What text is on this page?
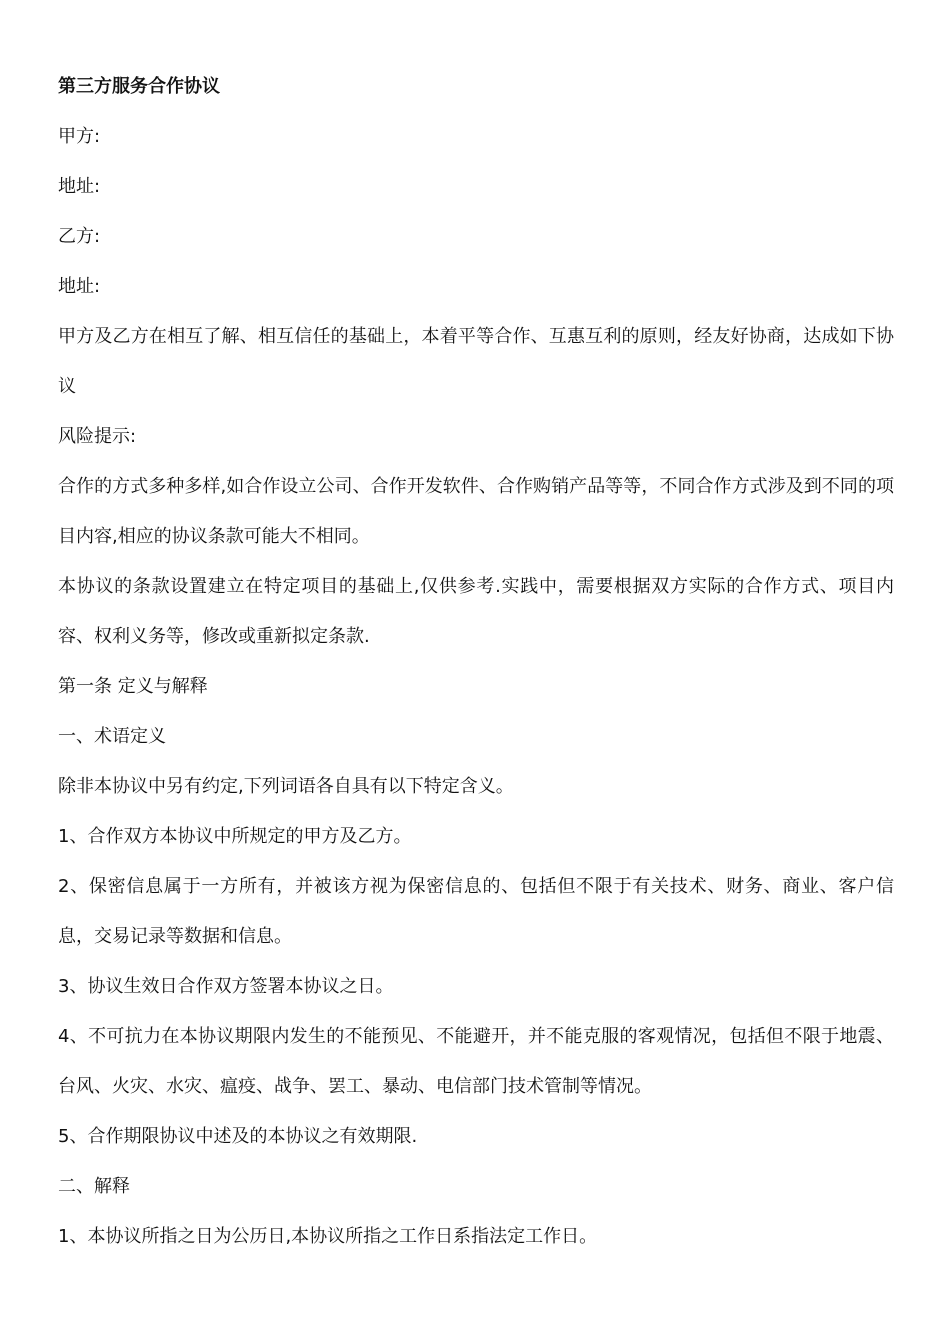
第三方服务合作协议

甲方:

地址:

乙方:

地址:

甲方及乙方在相互了解、相互信任的基础上，本着平等合作、互惠互利的原则，经友好协商，达成如下协议

风险提示:

合作的方式多种多样,如合作设立公司、合作开发软件、合作购销产品等等，不同合作方式涉及到不同的项目内容,相应的协议条款可能大不相同。

本协议的条款设置建立在特定项目的基础上,仅供参考.实践中，需要根据双方实际的合作方式、项目内容、权利义务等，修改或重新拟定条款.

第一条 定义与解释

一、术语定义

除非本协议中另有约定,下列词语各自具有以下特定含义。

1、合作双方本协议中所规定的甲方及乙方。

2、保密信息属于一方所有，并被该方视为保密信息的、包括但不限于有关技术、财务、商业、客户信息，交易记录等数据和信息。

3、协议生效日合作双方签署本协议之日。

4、不可抗力在本协议期限内发生的不能预见、不能避开，并不能克服的客观情况，包括但不限于地震、台风、火灾、水灾、瘟疫、战争、罢工、暴动、电信部门技术管制等情况。

5、合作期限协议中述及的本协议之有效期限.

二、解释

1、本协议所指之日为公历日,本协议所指之工作日系指法定工作日。
